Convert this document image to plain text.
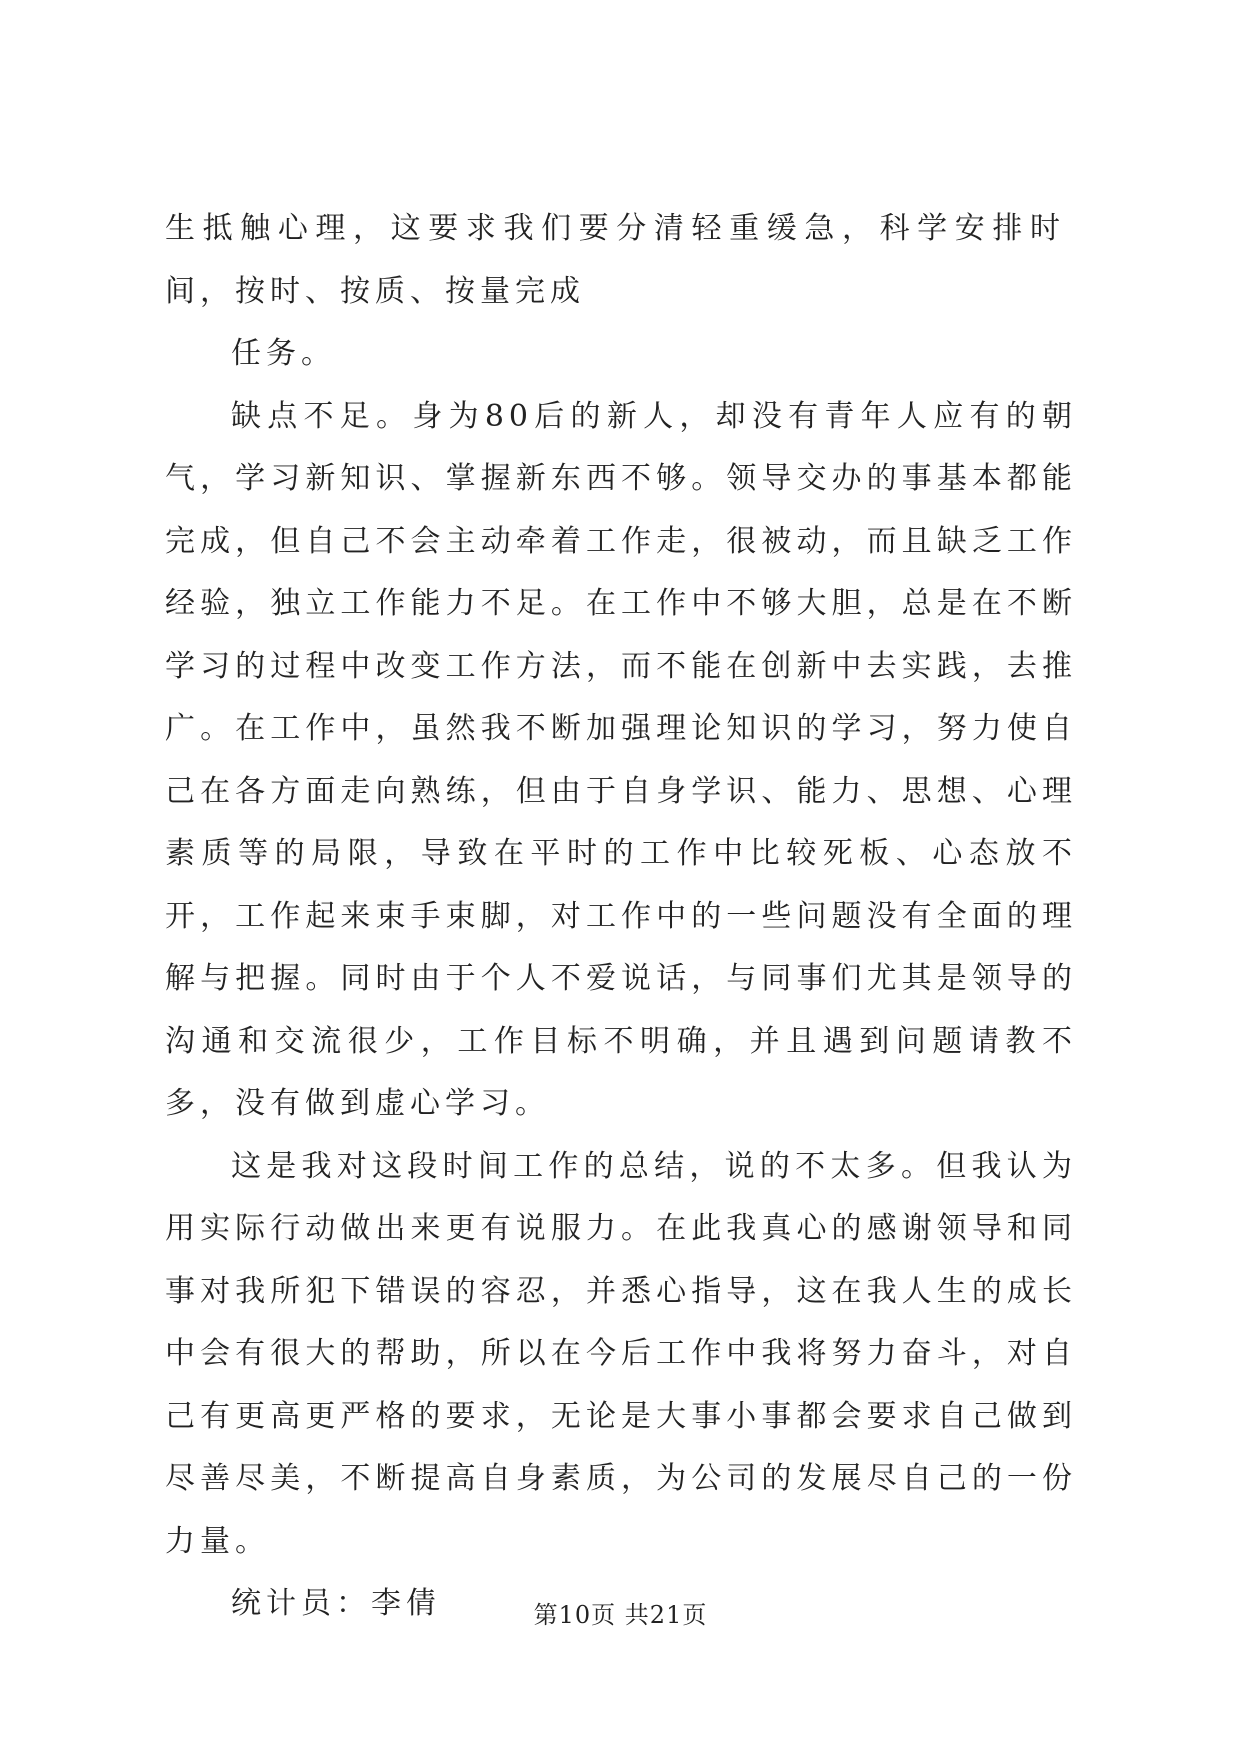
生抵触心理，这要求我们要分清轻重缓急，科学安排时间，按时、按质、按量完成

任务。

缺点不足。身为80后的新人，却没有青年人应有的朝气，学习新知识、掌握新东西不够。领导交办的事基本都能完成，但自己不会主动牵着工作走，很被动，而且缺乏工作经验，独立工作能力不足。在工作中不够大胆，总是在不断学习的过程中改变工作方法，而不能在创新中去实践，去推广。在工作中，虽然我不断加强理论知识的学习，努力使自己在各方面走向熟练，但由于自身学识、能力、思想、心理素质等的局限，导致在平时的工作中比较死板、心态放不开，工作起来束手束脚，对工作中的一些问题没有全面的理解与把握。同时由于个人不爱说话，与同事们尤其是领导的沟通和交流很少，工作目标不明确，并且遇到问题请教不多，没有做到虚心学习。

这是我对这段时间工作的总结，说的不太多。但我认为用实际行动做出来更有说服力。在此我真心的感谢领导和同事对我所犯下错误的容忍，并悉心指导，这在我人生的成长中会有很大的帮助，所以在今后工作中我将努力奋斗，对自己有更高更严格的要求，无论是大事小事都会要求自己做到尽善尽美，不断提高自身素质，为公司的发展尽自己的一份力量。

统计员：李倩	第10页 共21页
